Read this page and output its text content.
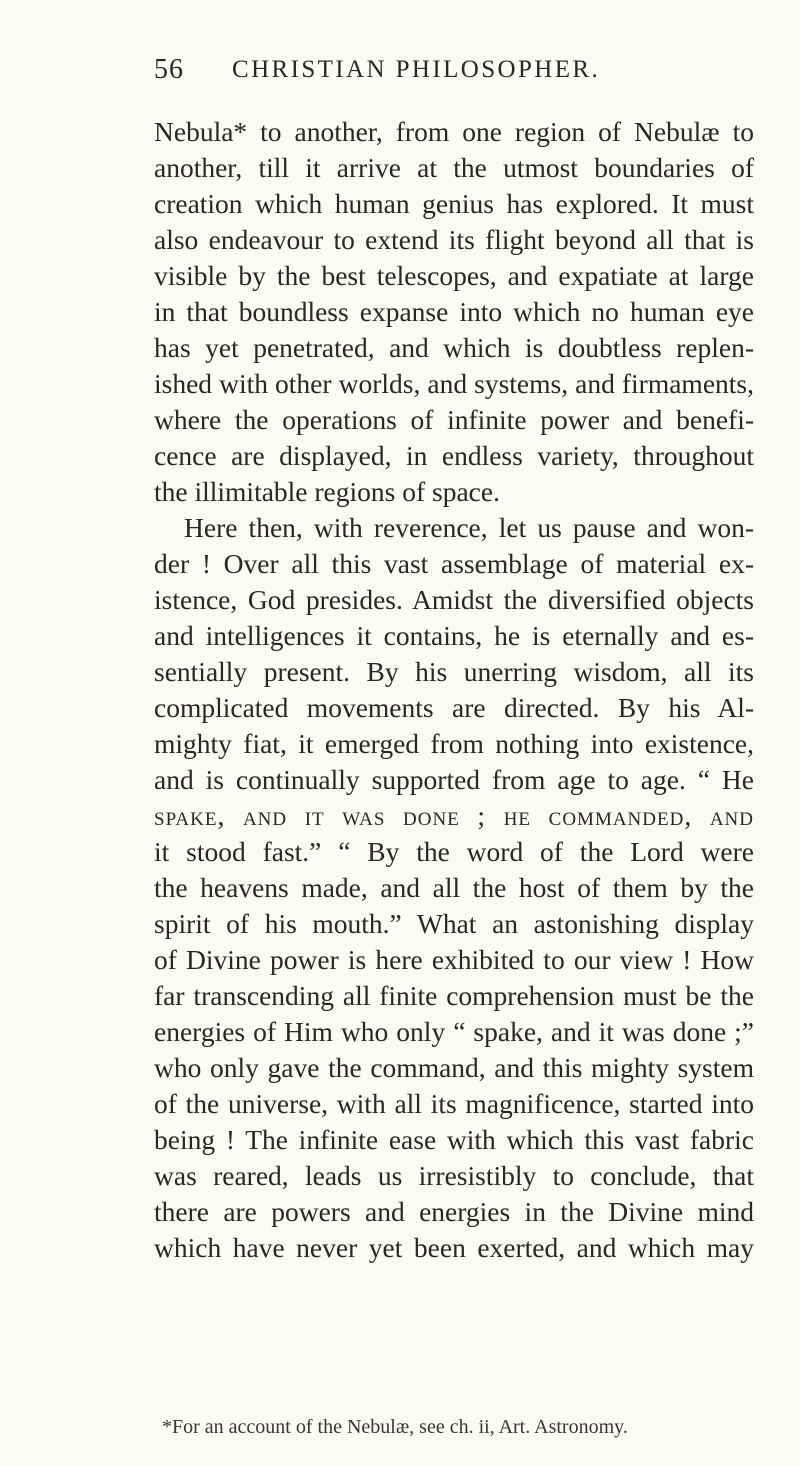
56 CHRISTIAN PHILOSOPHER.
Nebula* to another, from one region of Nebulæ to
another, till it arrive at the utmost boundaries of
creation which human genius has explored. It must
also endeavour to extend its flight beyond all that is
visible by the best telescopes, and expatiate at large
in that boundless expanse into which no human eye
has yet penetrated, and which is doubtless replen-
ished with other worlds, and systems, and firmaments,
where the operations of infinite power and benefi-
cence are displayed, in endless variety, throughout
the illimitable regions of space.
Here then, with reverence, let us pause and won-
der ! Over all this vast assemblage of material ex-
istence, God presides. Amidst the diversified objects
and intelligences it contains, he is eternally and es-
sentially present. By his unerring wisdom, all its
complicated movements are directed. By his Al-
mighty fiat, it emerged from nothing into existence,
and is continually supported from age to age. “ He
spake, and it was done ; he commanded, and
it stood fast.” “ By the word of the Lord were
the heavens made, and all the host of them by the
spirit of his mouth.” What an astonishing display
of Divine power is here exhibited to our view ! How
far transcending all finite comprehension must be the
energies of Him who only “ spake, and it was done ;”
who only gave the command, and this mighty system
of the universe, with all its magnificence, started into
being ! The infinite ease with which this vast fabric
was reared, leads us irresistibly to conclude, that
there are powers and energies in the Divine mind
which have never yet been exerted, and which may
*For an account of the Nebulæ, see ch. ii, Art. Astronomy.
